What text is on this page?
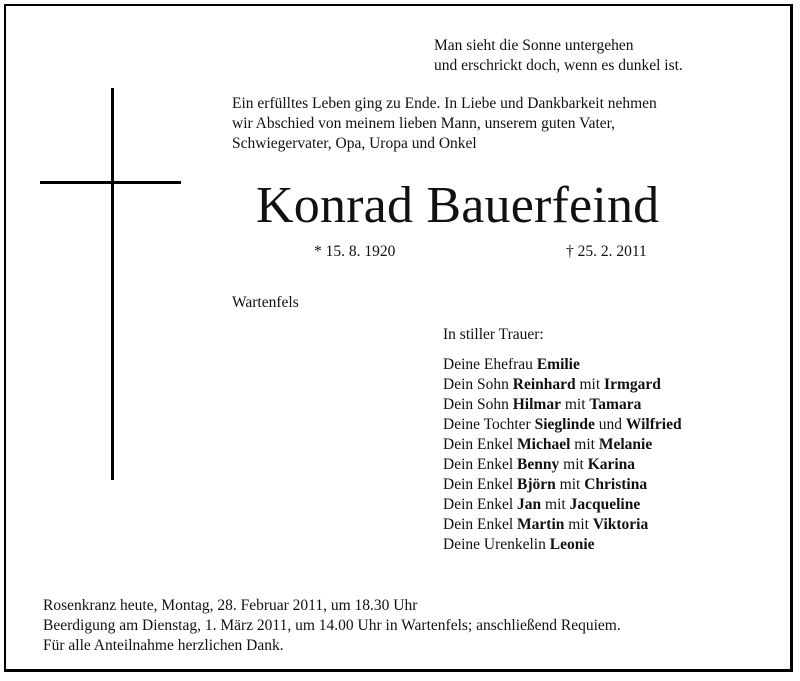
Man sieht die Sonne untergehen
und erschrickt doch, wenn es dunkel ist.
Ein erfülltes Leben ging zu Ende. In Liebe und Dankbarkeit nehmen
wir Abschied von meinem lieben Mann, unserem guten Vater,
Schwiegervater, Opa, Uropa und Onkel
Konrad Bauerfeind
* 15. 8. 1920	† 25. 2. 2011
Wartenfels
In stiller Trauer:
Deine Ehefrau Emilie
Dein Sohn Reinhard mit Irmgard
Dein Sohn Hilmar mit Tamara
Deine Tochter Sieglinde und Wilfried
Dein Enkel Michael mit Melanie
Dein Enkel Benny mit Karina
Dein Enkel Björn mit Christina
Dein Enkel Jan mit Jacqueline
Dein Enkel Martin mit Viktoria
Deine Urenkelin Leonie
Rosenkranz heute, Montag, 28. Februar 2011, um 18.30 Uhr
Beerdigung am Dienstag, 1. März 2011, um 14.00 Uhr in Wartenfels; anschließend Requiem.
Für alle Anteilnahme herzlichen Dank.
